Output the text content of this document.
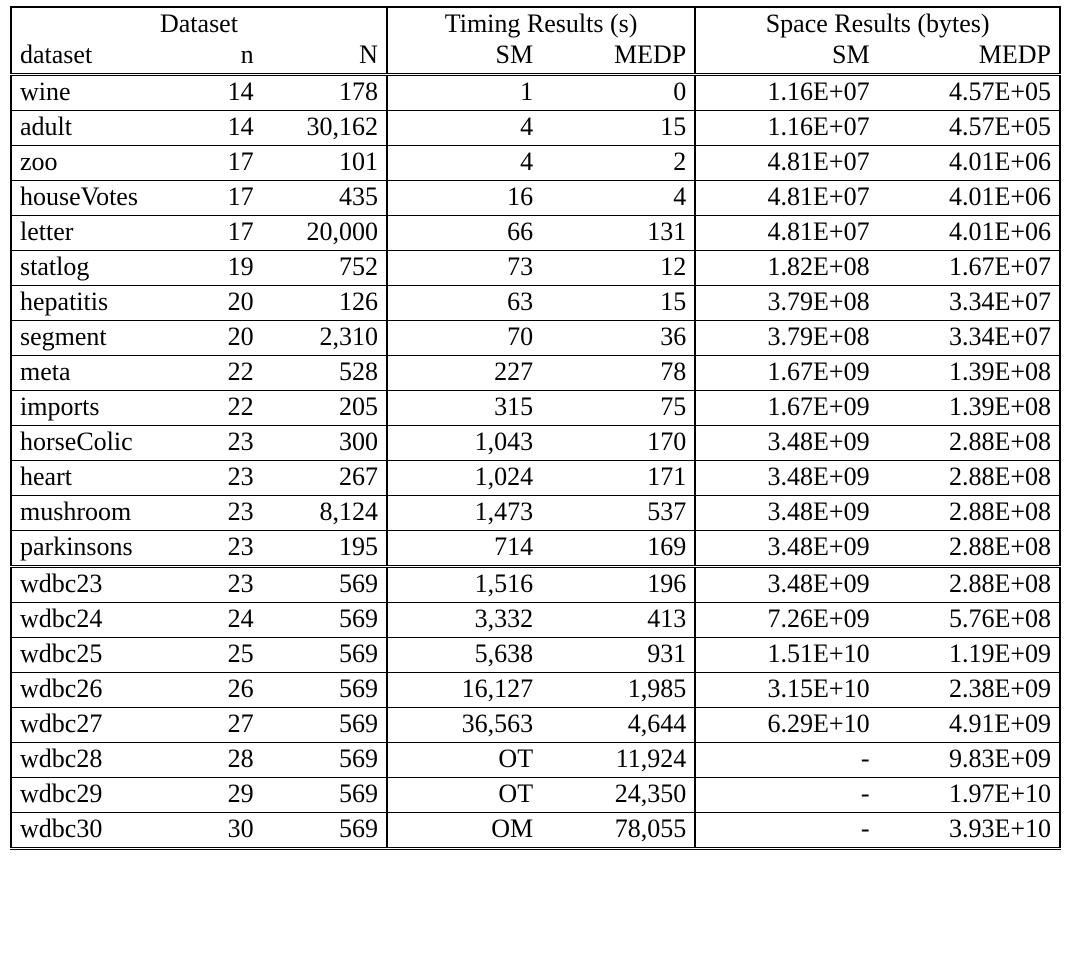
Dataset			Timing Results (s)		Space Results (bytes)	
dataset	n	N	SM	MEDP	SM	MEDP
wine	14	178	1	0	1.16E+07	4.57E+05
adult	14	30,162	4	15	1.16E+07	4.57E+05
zoo	17	101	4	2	4.81E+07	4.01E+06
houseVotes	17	435	16	4	4.81E+07	4.01E+06
letter	17	20,000	66	131	4.81E+07	4.01E+06
statlog	19	752	73	12	1.82E+08	1.67E+07
hepatitis	20	126	63	15	3.79E+08	3.34E+07
segment	20	2,310	70	36	3.79E+08	3.34E+07
meta	22	528	227	78	1.67E+09	1.39E+08
imports	22	205	315	75	1.67E+09	1.39E+08
horseColic	23	300	1,043	170	3.48E+09	2.88E+08
heart	23	267	1,024	171	3.48E+09	2.88E+08
mushroom	23	8,124	1,473	537	3.48E+09	2.88E+08
parkinsons	23	195	714	169	3.48E+09	2.88E+08
wdbc23	23	569	1,516	196	3.48E+09	2.88E+08
wdbc24	24	569	3,332	413	7.26E+09	5.76E+08
wdbc25	25	569	5,638	931	1.51E+10	1.19E+09
wdbc26	26	569	16,127	1,985	3.15E+10	2.38E+09
wdbc27	27	569	36,563	4,644	6.29E+10	4.91E+09
wdbc28	28	569	OT	11,924	-	9.83E+09
wdbc29	29	569	OT	24,350	-	1.97E+10
wdbc30	30	569	OM	78,055	-	3.93E+10
